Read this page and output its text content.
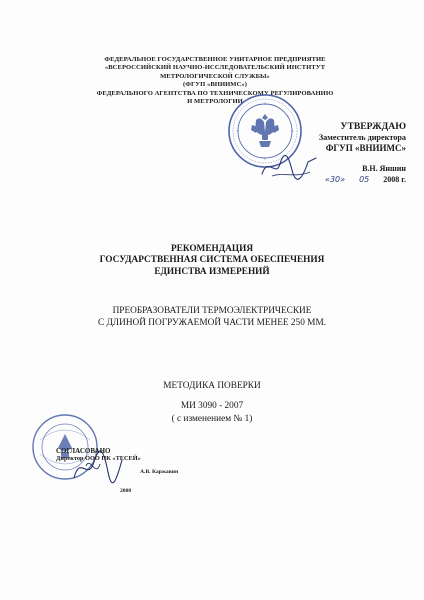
ФЕДЕРАЛЬНОЕ ГОСУДАРСТВЕННОЕ УНИТАРНОЕ ПРЕДПРИЯТИЕ
«ВСЕРОССИЙСКИЙ НАУЧНО-ИССЛЕДОВАТЕЛЬСКИЙ ИНСТИТУТ
МЕТРОЛОГИЧЕСКОЙ СЛУЖБЫ»
(ФГУП «ВНИИМС»)
ФЕДЕРАЛЬНОГО АГЕНТСТВА ПО ТЕХНИЧЕСКОМУ РЕГУЛИРОВАНИЮ
И МЕТРОЛОГИИ
УТВЕРЖДАЮ
Заместитель директора
ФГУП «ВНИИМС»
В.Н. Яншин
«30» 05 2008 г.
РЕКОМЕНДАЦИЯ
ГОСУДАРСТВЕННАЯ СИСТЕМА ОБЕСПЕЧЕНИЯ
ЕДИНСТВА ИЗМЕРЕНИЙ
ПРЕОБРАЗОВАТЕЛИ ТЕРМОЭЛЕКТРИЧЕСКИЕ
С ДЛИНОЙ ПОГРУЖАЕМОЙ ЧАСТИ МЕНЕЕ 250 ММ.
МЕТОДИКА ПОВЕРКИ
МИ 3090 - 2007
( с изменением № 1)
СОГЛАСОВАНО
Директор ООО ПК «ТЕСЕЙ»
А.В. Каржавин
2008
